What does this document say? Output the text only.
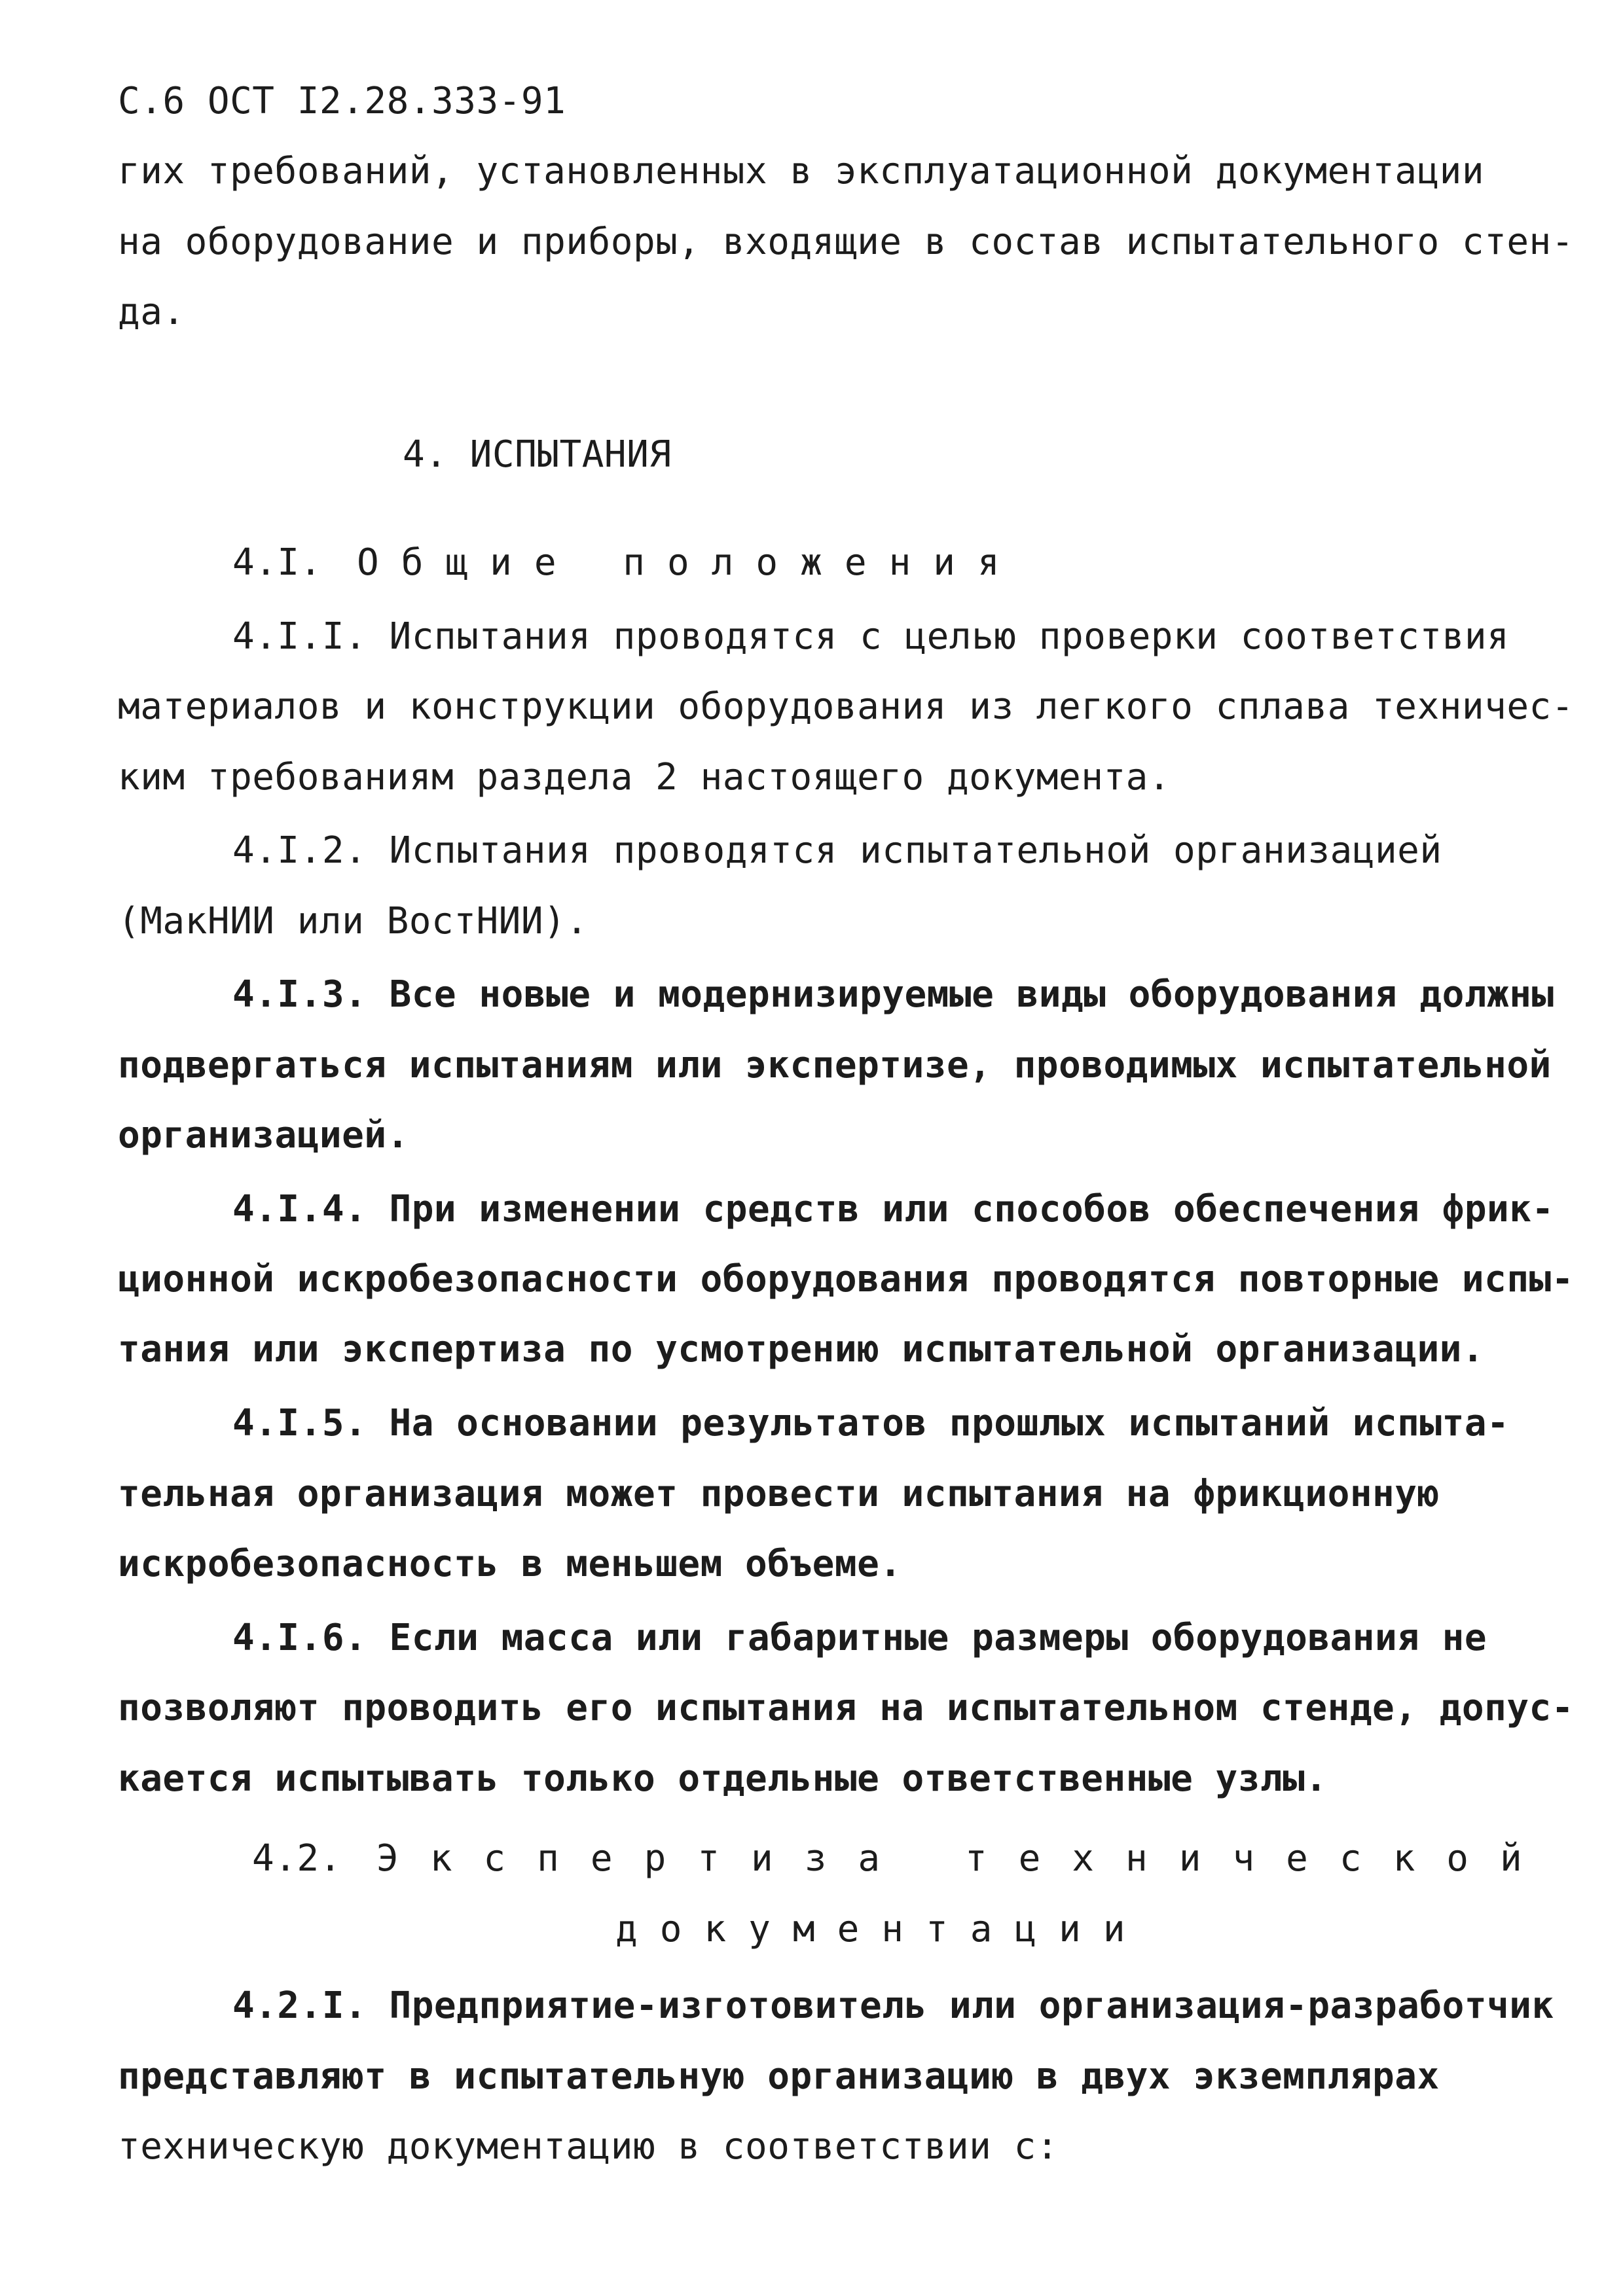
С.6 ОСТ I2.28.333-91
гих требований, установленных в эксплуатационной документации
на оборудование и приборы, входящие в состав испытательного стен-
да.
4. ИСПЫТАНИЯ
4.I. Общие положения
4.I.I. Испытания проводятся с целью проверки соответствия
материалов и конструкции оборудования из легкого сплава техничес-
ким требованиям раздела 2 настоящего документа.
4.I.2. Испытания проводятся испытательной организацией
(МакНИИ или ВостНИИ).
4.I.3. Все новые и модернизируемые виды оборудования должны
подвергаться испытаниям или экспертизе, проводимых испытательной
организацией.
4.I.4. При изменении средств или способов обеспечения фрик-
ционной искробезопасности оборудования проводятся повторные испы-
тания или экспертиза по усмотрению испытательной организации.
4.I.5. На основании результатов прошлых испытаний испыта-
тельная организация может провести испытания на фрикционную
искробезопасность в меньшем объеме.
4.I.6. Если масса или габаритные размеры оборудования не
позволяют проводить его испытания на испытательном стенде, допус-
кается испытывать только отдельные ответственные узлы.
4.2. Экспертиза технической
документации
4.2.I. Предприятие-изготовитель или организация-разработчик
представляют в испытательную организацию в двух экземплярах
техническую документацию в соответствии с:
